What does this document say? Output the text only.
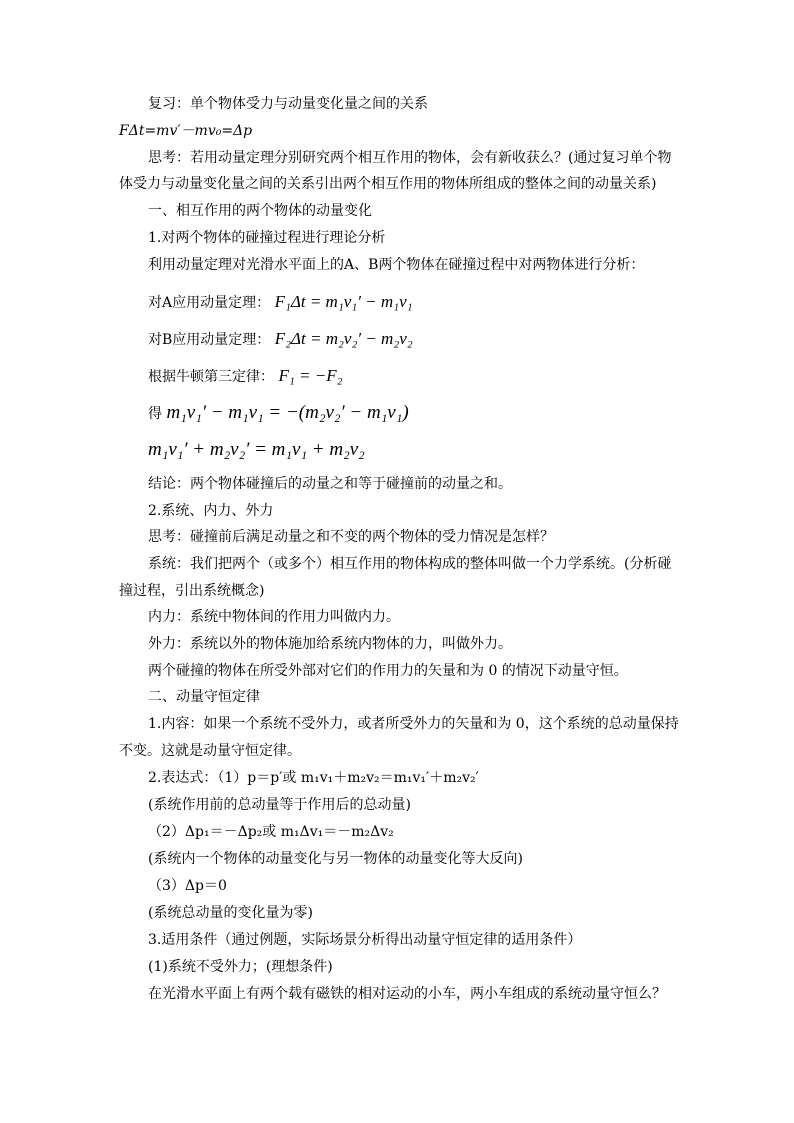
复习：单个物体受力与动量变化量之间的关系
FΔt=mv′－mv₀=Δp
思考：若用动量定理分别研究两个相互作用的物体，会有新收获么？(通过复习单个物
体受力与动量变化量之间的关系引出两个相互作用的物体所组成的整体之间的动量关系)
一、相互作用的两个物体的动量变化
1.对两个物体的碰撞过程进行理论分析
利用动量定理对光滑水平面上的A、B两个物体在碰撞过程中对两物体进行分析：
对A应用动量定理： F₁Δt = m₁v₁′ − m₁v₁
对B应用动量定理： F₂Δt = m₂v₂′ − m₂v₂
根据牛顿第三定律： F₁ = −F₂
得 m₁v₁′ − m₁v₁ = −(m₂v₂′ − m₁v₁)
m₁v₁′ + m₂v₂′ = m₁v₁ + m₂v₂
结论：两个物体碰撞后的动量之和等于碰撞前的动量之和。
2.系统、内力、外力
思考：碰撞前后满足动量之和不变的两个物体的受力情况是怎样？
系统：我们把两个（或多个）相互作用的物体构成的整体叫做一个力学系统。(分析碰
撞过程，引出系统概念)
内力：系统中物体间的作用力叫做内力。
外力：系统以外的物体施加给系统内物体的力，叫做外力。
两个碰撞的物体在所受外部对它们的作用力的矢量和为 0 的情况下动量守恒。
二、动量守恒定律
1.内容：如果一个系统不受外力，或者所受外力的矢量和为 0，这个系统的总动量保持
不变。这就是动量守恒定律。
2.表达式：（1）p＝p′或 m₁v₁＋m₂v₂＝m₁v₁′＋m₂v₂′
(系统作用前的总动量等于作用后的总动量)
（2）Δp₁＝－Δp₂或 m₁Δv₁＝－m₂Δv₂
(系统内一个物体的动量变化与另一物体的动量变化等大反向)
（3）Δp＝0
(系统总动量的变化量为零)
3.适用条件（通过例题，实际场景分析得出动量守恒定律的适用条件）
(1)系统不受外力；(理想条件)
在光滑水平面上有两个载有磁铁的相对运动的小车，两小车组成的系统动量守恒么？
